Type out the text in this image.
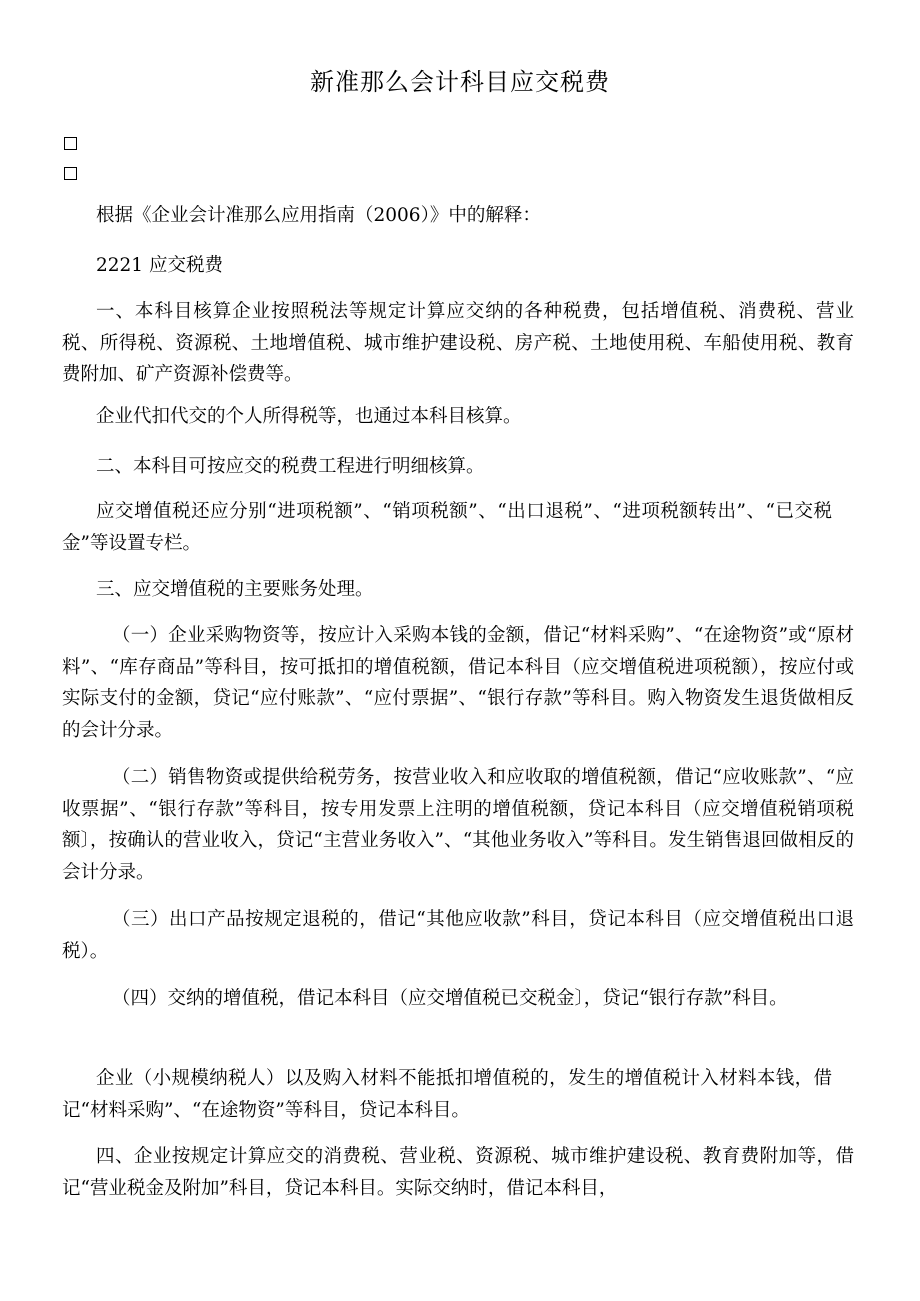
新准那么会计科目应交税费
根据《企业会计准那么应用指南（2006）》中的解释：
2221 应交税费
一、本科目核算企业按照税法等规定计算应交纳的各种税费，包括增值税、消费税、营业税、所得税、资源税、土地增值税、城市维护建设税、房产税、土地使用税、车船使用税、教育费附加、矿产资源补偿费等。
企业代扣代交的个人所得税等，也通过本科目核算。
二、本科目可按应交的税费工程进行明细核算。
应交增值税还应分别“进项税额”、“销项税额”、“出口退税”、“进项税额转出”、“已交税金”等设置专栏。
三、应交增值税的主要账务处理。
（一）企业采购物资等，按应计入采购本钱的金额，借记“材料采购”、“在途物资”或“原材料”、“库存商品”等科目，按可抵扣的增值税额，借记本科目（应交增值税进项税额），按应付或实际支付的金额，贷记“应付账款”、“应付票据”、“银行存款”等科目。购入物资发生退货做相反的会计分录。
（二）销售物资或提供给税劳务，按营业收入和应收取的增值税额，借记“应收账款”、“应收票据”、“银行存款”等科目，按专用发票上注明的增值税额，贷记本科目（应交增值税销项税额〕，按确认的营业收入，贷记“主营业务收入”、“其他业务收入”等科目。发生销售退回做相反的会计分录。
（三）出口产品按规定退税的，借记“其他应收款”科目，贷记本科目（应交增值税出口退税）。
（四）交纳的增值税，借记本科目（应交增值税已交税金〕，贷记“银行存款”科目。
企业（小规模纳税人）以及购入材料不能抵扣增值税的，发生的增值税计入材料本钱，借记“材料采购”、“在途物资”等科目，贷记本科目。
四、企业按规定计算应交的消费税、营业税、资源税、城市维护建设税、教育费附加等，借记“营业税金及附加”科目，贷记本科目。实际交纳时，借记本科目，
